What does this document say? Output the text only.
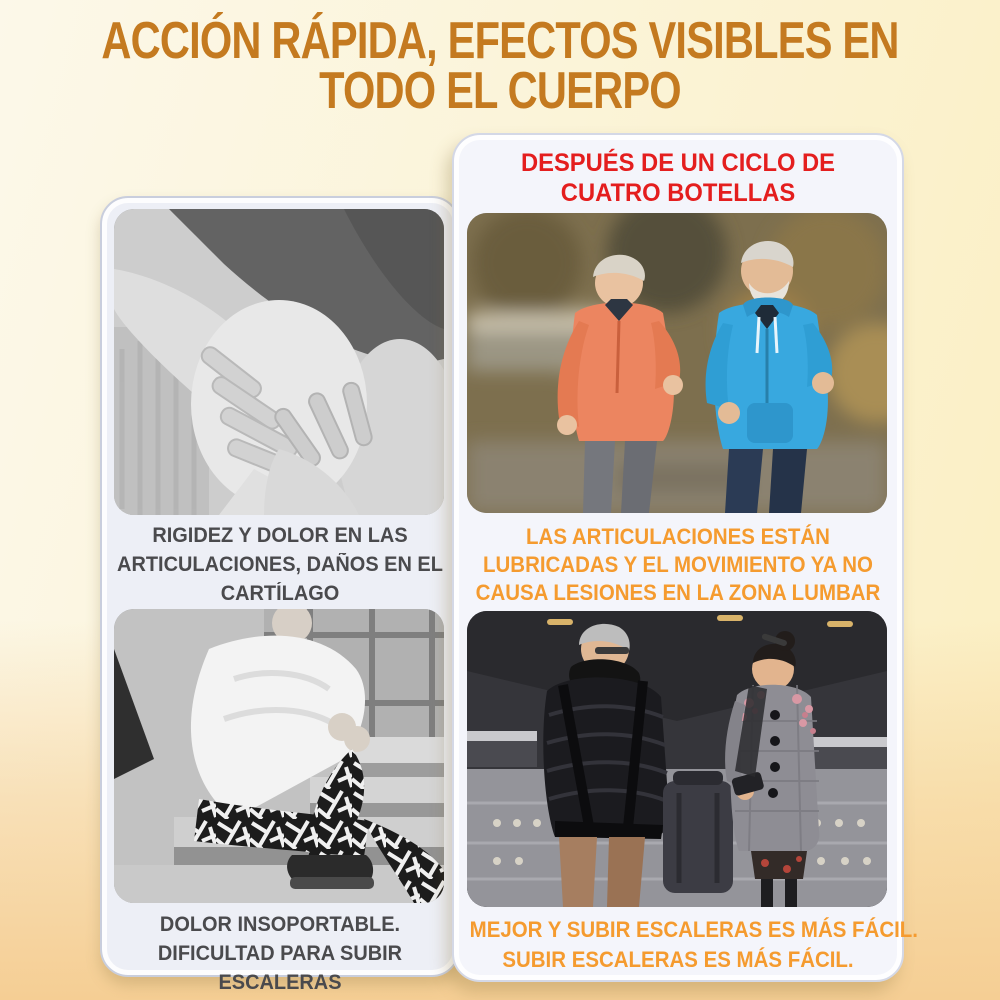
ACCIÓN RÁPIDA, EFECTOS VISIBLES EN
TODO EL CUERPO
RIGIDEZ Y DOLOR EN LAS
ARTICULACIONES, DAÑOS EN EL
CARTÍLAGO
DOLOR INSOPORTABLE.
DIFICULTAD PARA SUBIR
ESCALERAS
DESPUÉS DE UN CICLO DE
CUATRO BOTELLAS
LAS ARTICULACIONES ESTÁN
LUBRICADAS Y EL MOVIMIENTO YA NO
CAUSA LESIONES EN LA ZONA LUMBAR
MEJOR Y SUBIR ESCALERAS ES MÁS FÁCIL.
SUBIR ESCALERAS ES MÁS FÁCIL.
